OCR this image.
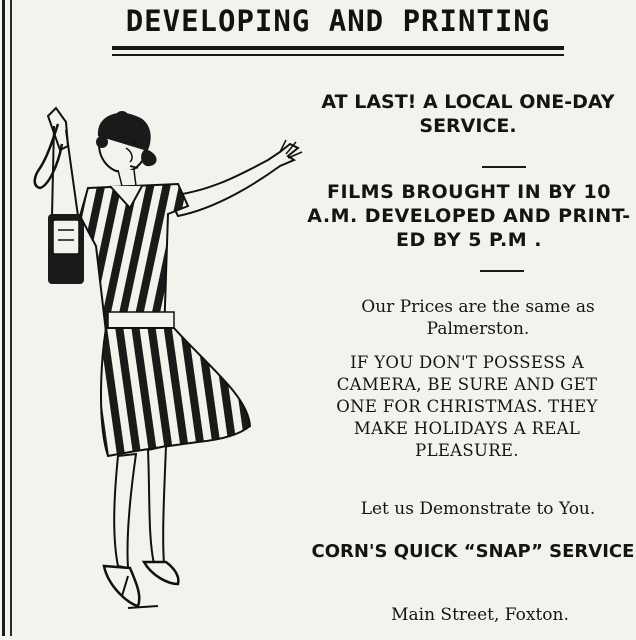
DEVELOPING AND PRINTING
AT LAST! A LOCAL ONE-DAY SERVICE.
FILMS BROUGHT IN BY 10
A.M. DEVELOPED AND PRINT-
ED BY 5 P.M .
Our Prices are the same as Palmerston.
IF YOU DON'T POSSESS A
CAMERA, BE SURE AND GET
ONE FOR CHRISTMAS. THEY
MAKE HOLIDAYS A REAL
PLEASURE.
Let us Demonstrate to You.
CORN'S QUICK “SNAP” SERVICE
Main Street, Foxton.
